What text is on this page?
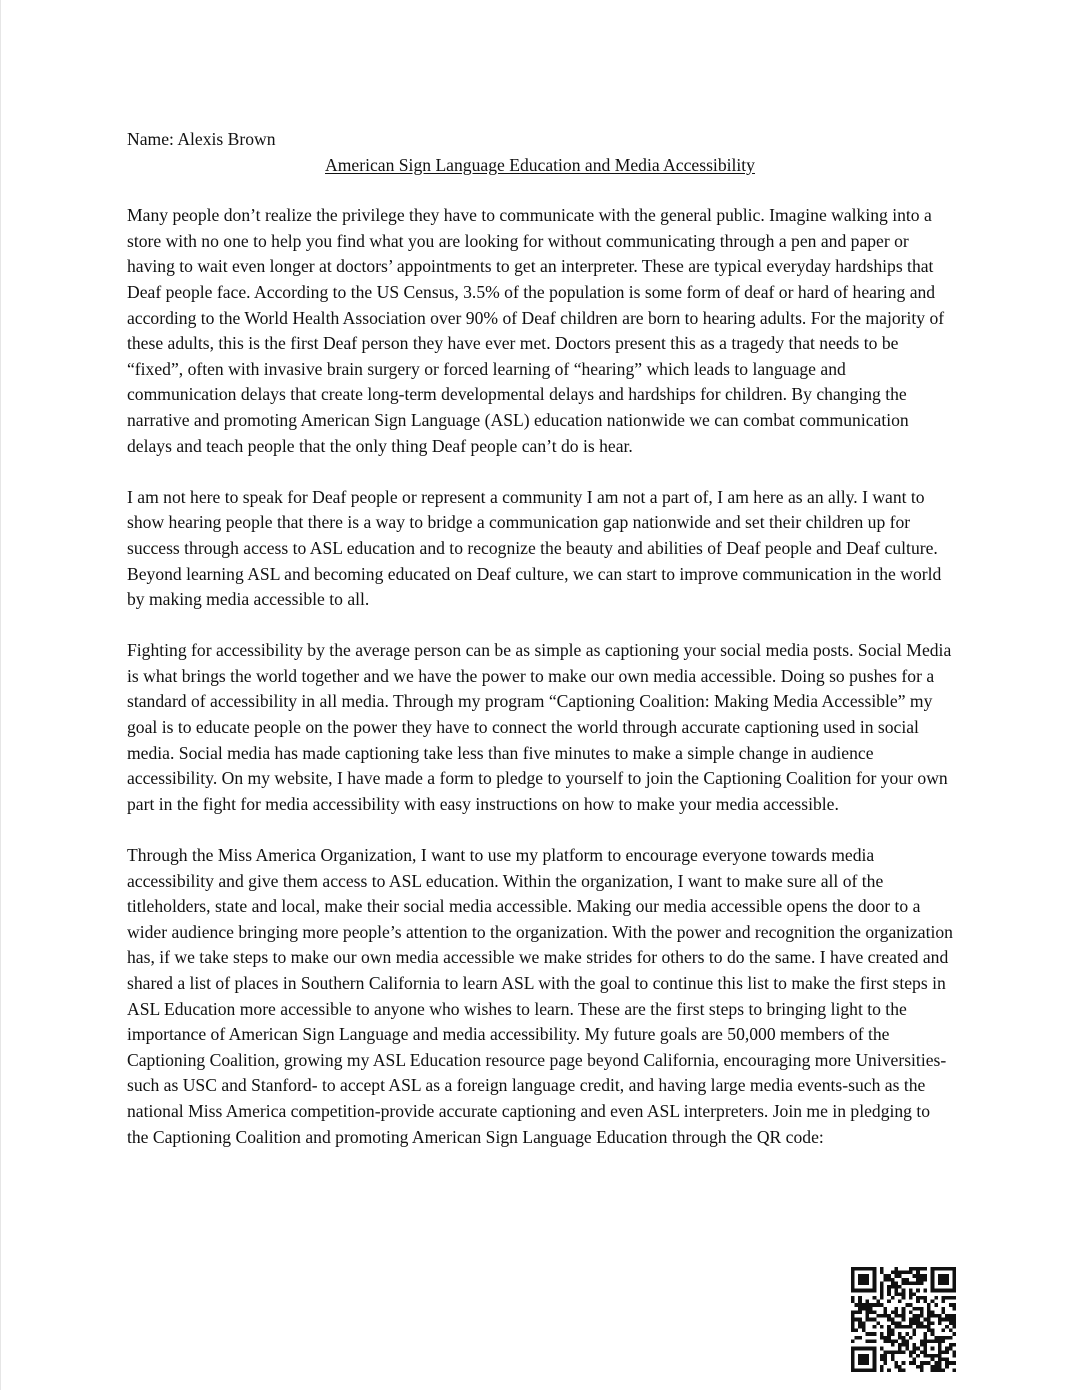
Name: Alexis Brown

American Sign Language Education and Media Accessibility

Many people don’t realize the privilege they have to communicate with the general public. Imagine walking into a store with no one to help you find what you are looking for without communicating through a pen and paper or having to wait even longer at doctors’ appointments to get an interpreter. These are typical everyday hardships that Deaf people face. According to the US Census, 3.5% of the population is some form of deaf or hard of hearing and according to the World Health Association over 90% of Deaf children are born to hearing adults. For the majority of these adults, this is the first Deaf person they have ever met. Doctors present this as a tragedy that needs to be “fixed”, often with invasive brain surgery or forced learning of “hearing” which leads to language and communication delays that create long-term developmental delays and hardships for children. By changing the narrative and promoting American Sign Language (ASL) education nationwide we can combat communication delays and teach people that the only thing Deaf people can’t do is hear.

I am not here to speak for Deaf people or represent a community I am not a part of, I am here as an ally. I want to show hearing people that there is a way to bridge a communication gap nationwide and set their children up for success through access to ASL education and to recognize the beauty and abilities of Deaf people and Deaf culture. Beyond learning ASL and becoming educated on Deaf culture, we can start to improve communication in the world by making media accessible to all.

Fighting for accessibility by the average person can be as simple as captioning your social media posts. Social Media is what brings the world together and we have the power to make our own media accessible. Doing so pushes for a standard of accessibility in all media. Through my program “Captioning Coalition: Making Media Accessible” my goal is to educate people on the power they have to connect the world through accurate captioning used in social media. Social media has made captioning take less than five minutes to make a simple change in audience accessibility. On my website, I have made a form to pledge to yourself to join the Captioning Coalition for your own part in the fight for media accessibility with easy instructions on how to make your media accessible.

Through the Miss America Organization, I want to use my platform to encourage everyone towards media accessibility and give them access to ASL education. Within the organization, I want to make sure all of the titleholders, state and local, make their social media accessible. Making our media accessible opens the door to a wider audience bringing more people’s attention to the organization. With the power and recognition the organization has, if we take steps to make our own media accessible we make strides for others to do the same. I have created and shared a list of places in Southern California to learn ASL with the goal to continue this list to make the first steps in ASL Education more accessible to anyone who wishes to learn. These are the first steps to bringing light to the importance of American Sign Language and media accessibility. My future goals are 50,000 members of the Captioning Coalition, growing my ASL Education resource page beyond California, encouraging more Universities- such as USC and Stanford- to accept ASL as a foreign language credit, and having large media events-such as the national Miss America competition-provide accurate captioning and even ASL interpreters. Join me in pledging to the Captioning Coalition and promoting American Sign Language Education through the QR code:
